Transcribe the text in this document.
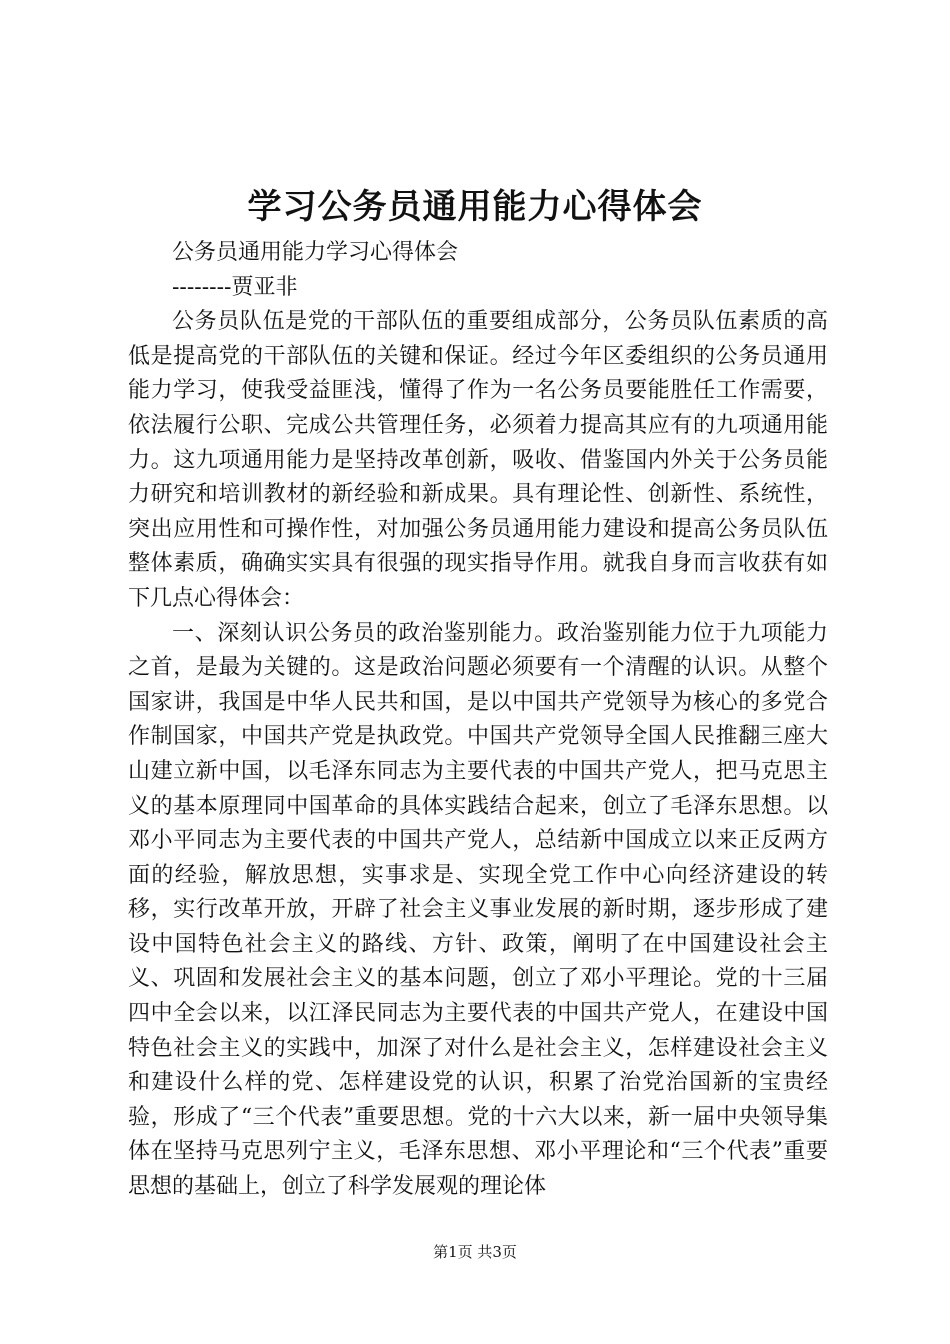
学习公务员通用能力心得体会

公务员通用能力学习心得体会

--------贾亚非

公务员队伍是党的干部队伍的重要组成部分，公务员队伍素质的高低是提高党的干部队伍的关键和保证。经过今年区委组织的公务员通用能力学习，使我受益匪浅，懂得了作为一名公务员要能胜任工作需要，依法履行公职、完成公共管理任务，必须着力提高其应有的九项通用能力。这九项通用能力是坚持改革创新，吸收、借鉴国内外关于公务员能力研究和培训教材的新经验和新成果。具有理论性、创新性、系统性，突出应用性和可操作性，对加强公务员通用能力建设和提高公务员队伍整体素质，确确实实具有很强的现实指导作用。就我自身而言收获有如下几点心得体会：

一、深刻认识公务员的政治鉴别能力。政治鉴别能力位于九项能力之首，是最为关键的。这是政治问题必须要有一个清醒的认识。从整个国家讲，我国是中华人民共和国，是以中国共产党领导为核心的多党合作制国家，中国共产党是执政党。中国共产党领导全国人民推翻三座大山建立新中国，以毛泽东同志为主要代表的中国共产党人，把马克思主义的基本原理同中国革命的具体实践结合起来，创立了毛泽东思想。以邓小平同志为主要代表的中国共产党人，总结新中国成立以来正反两方面的经验，解放思想，实事求是、实现全党工作中心向经济建设的转移，实行改革开放，开辟了社会主义事业发展的新时期，逐步形成了建设中国特色社会主义的路线、方针、政策，阐明了在中国建设社会主义、巩固和发展社会主义的基本问题，创立了邓小平理论。党的十三届四中全会以来，以江泽民同志为主要代表的中国共产党人，在建设中国特色社会主义的实践中，加深了对什么是社会主义，怎样建设社会主义和建设什么样的党、怎样建设党的认识，积累了治党治国新的宝贵经验，形成了“三个代表”重要思想。党的十六大以来，新一届中央领导集体在坚持马克思列宁主义，毛泽东思想、邓小平理论和“三个代表”重要思想的基础上，创立了科学发展观的理论体

第1页 共3页
